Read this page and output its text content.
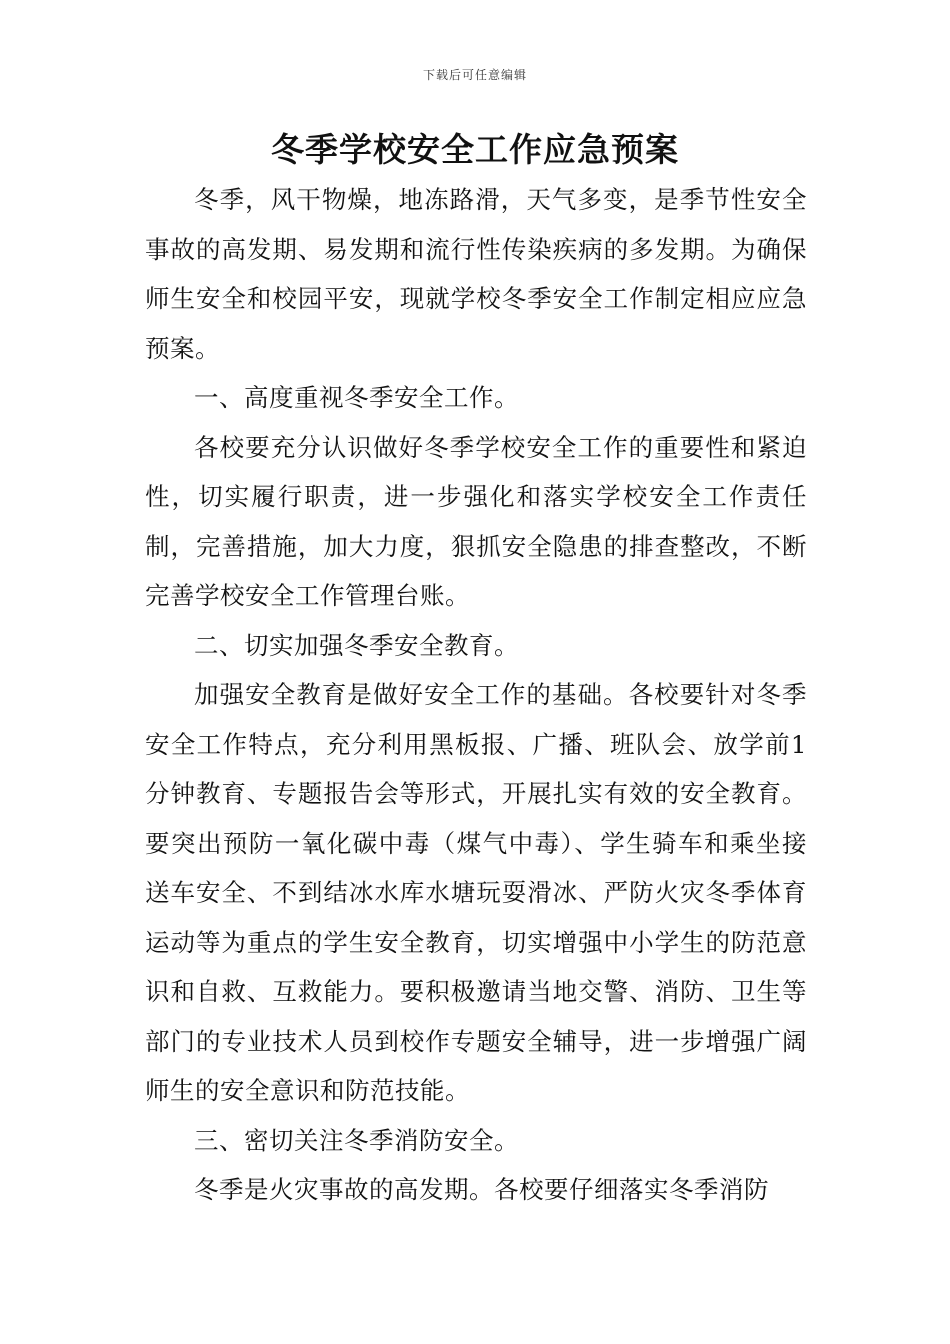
下载后可任意编辑
冬季学校安全工作应急预案

冬季，风干物燥，地冻路滑，天气多变，是季节性安全事故的高发期、易发期和流行性传染疾病的多发期。为确保师生安全和校园平安，现就学校冬季安全工作制定相应应急预案。

一、高度重视冬季安全工作。

各校要充分认识做好冬季学校安全工作的重要性和紧迫性，切实履行职责，进一步强化和落实学校安全工作责任制，完善措施，加大力度，狠抓安全隐患的排查整改，不断完善学校安全工作管理台账。

二、切实加强冬季安全教育。

加强安全教育是做好安全工作的基础。各校要针对冬季安全工作特点，充分利用黑板报、广播、班队会、放学前1分钟教育、专题报告会等形式，开展扎实有效的安全教育。要突出预防一氧化碳中毒（煤气中毒）、学生骑车和乘坐接送车安全、不到结冰水库水塘玩耍滑冰、严防火灾冬季体育运动等为重点的学生安全教育，切实增强中小学生的防范意识和自救、互救能力。要积极邀请当地交警、消防、卫生等部门的专业技术人员到校作专题安全辅导，进一步增强广阔师生的安全意识和防范技能。

三、密切关注冬季消防安全。

冬季是火灾事故的高发期。各校要仔细落实冬季消防
